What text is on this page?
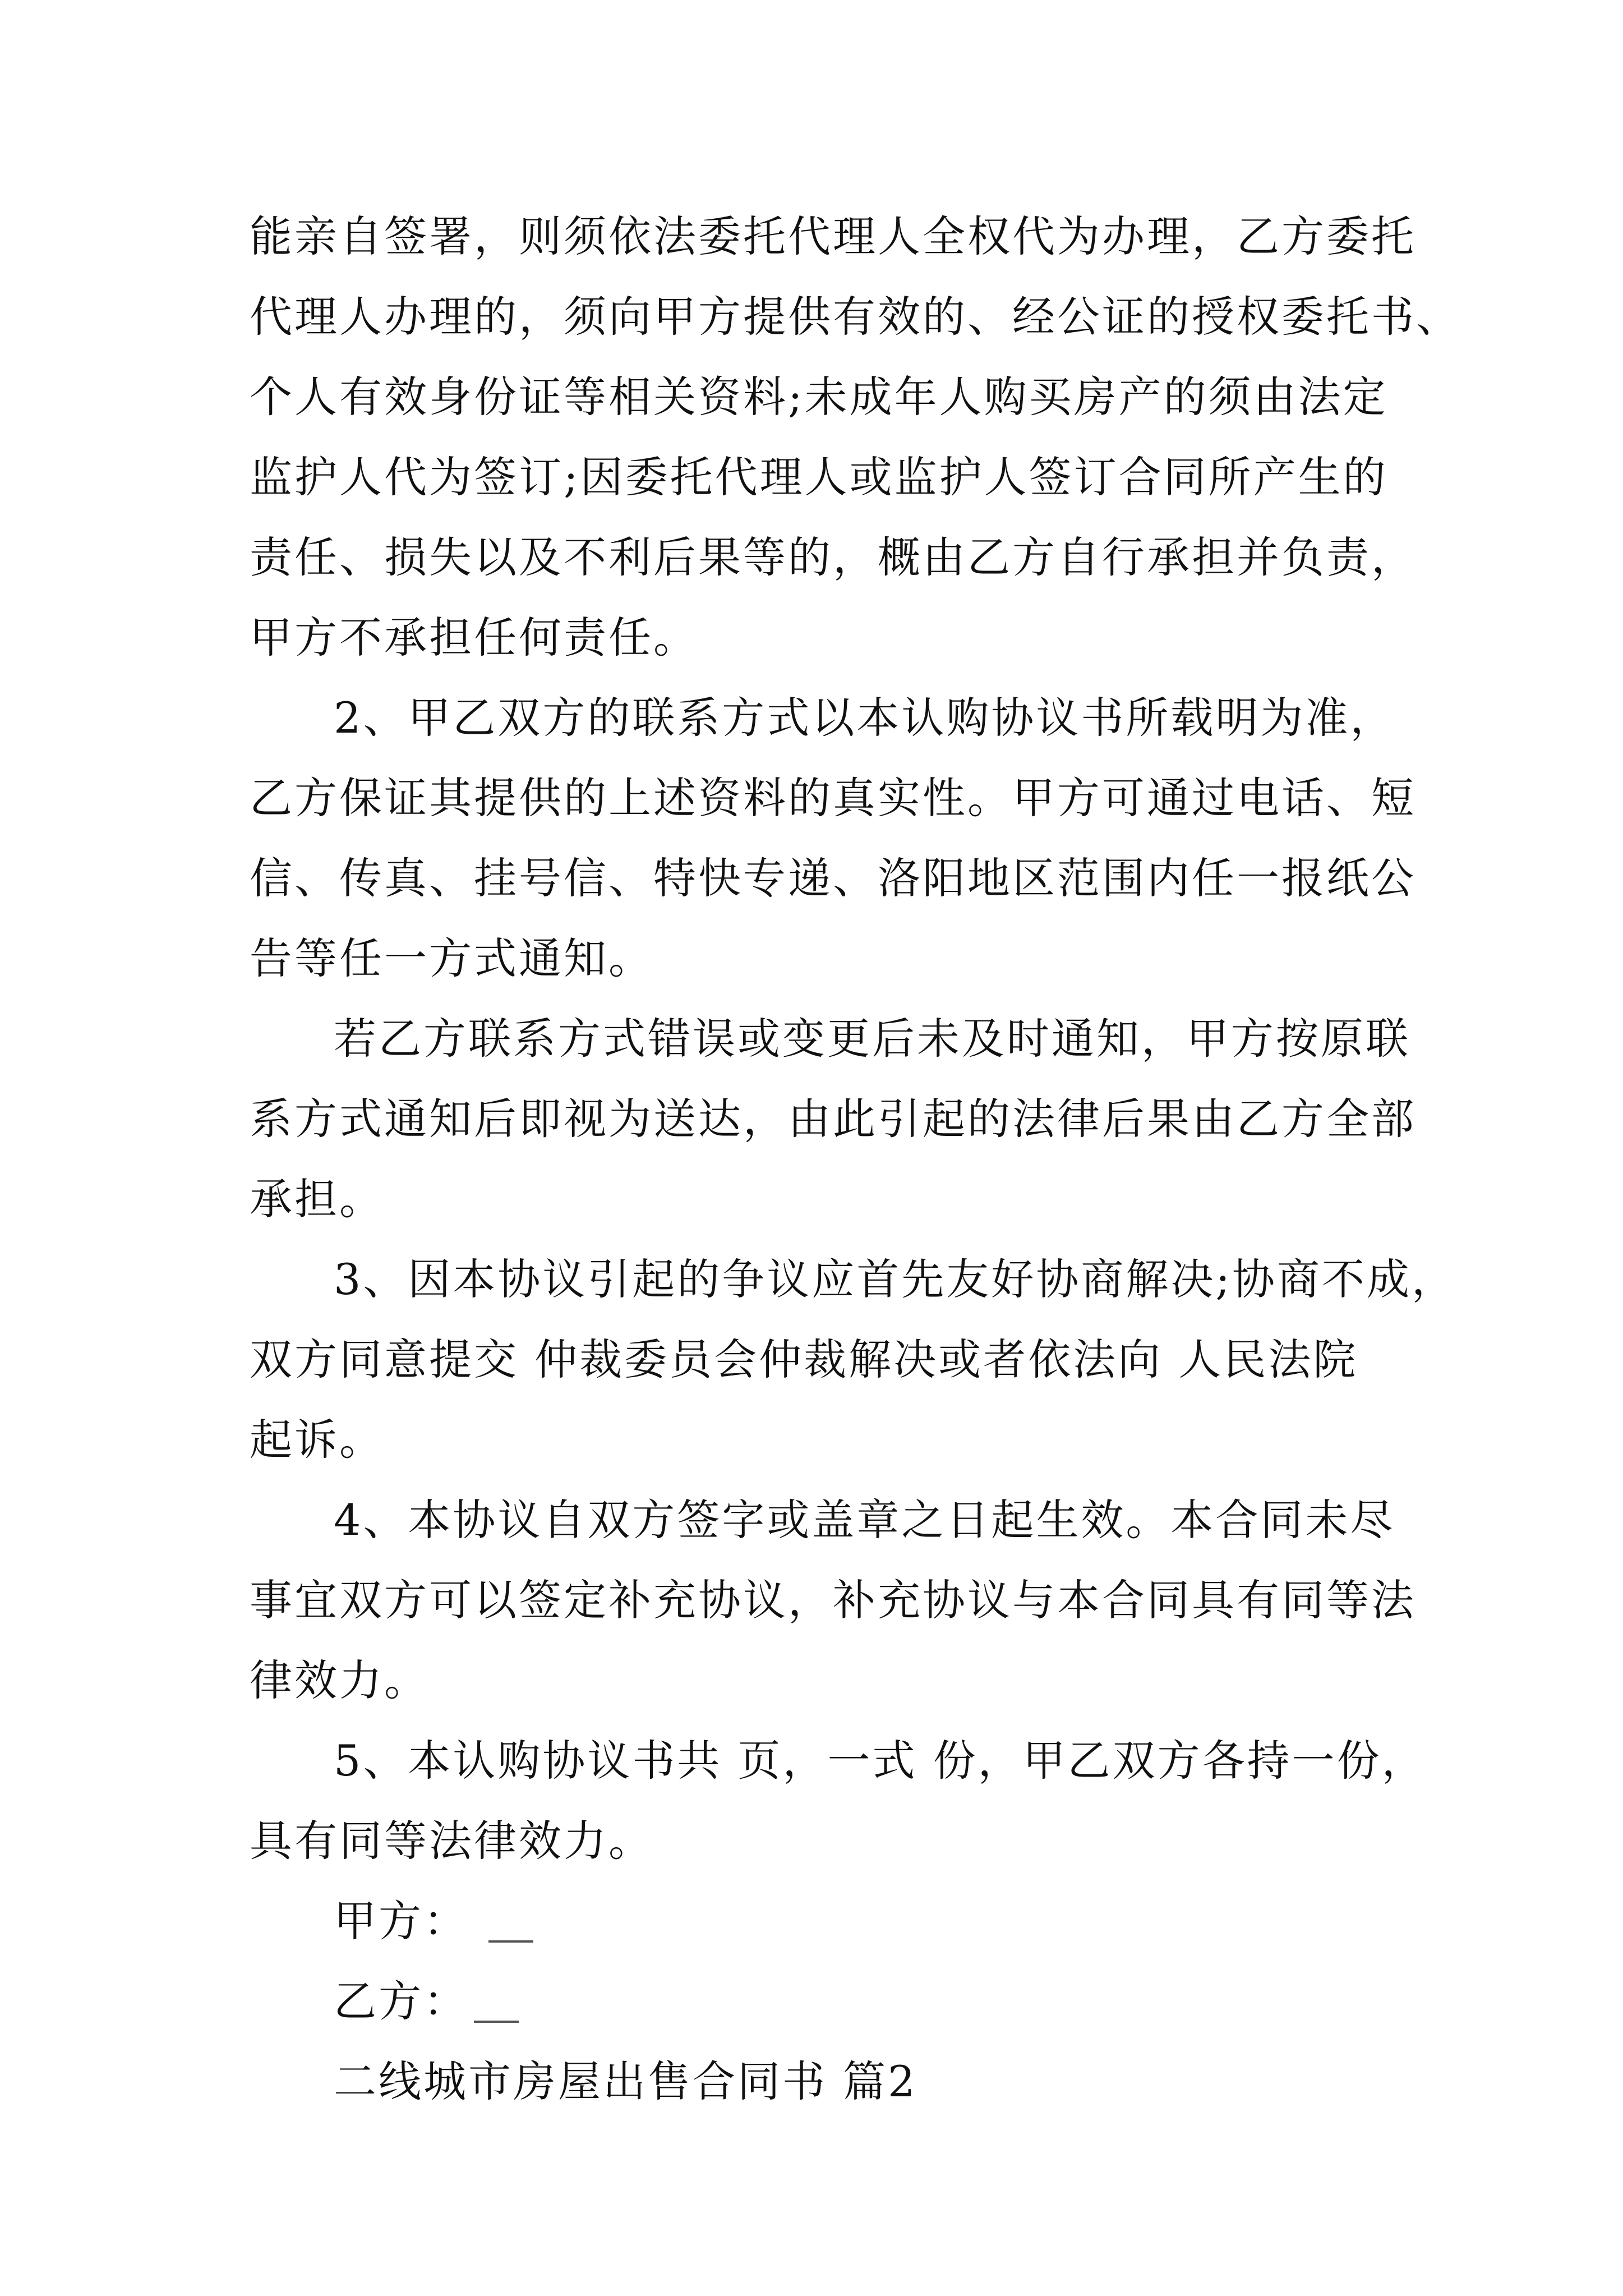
能亲自签署，则须依法委托代理人全权代为办理，乙方委托
代理人办理的，须向甲方提供有效的、经公证的授权委托书、
个人有效身份证等相关资料;未成年人购买房产的须由法定
监护人代为签订;因委托代理人或监护人签订合同所产生的
责任、损失以及不利后果等的，概由乙方自行承担并负责，
甲方不承担任何责任。

2、甲乙双方的联系方式以本认购协议书所载明为准，
乙方保证其提供的上述资料的真实性。甲方可通过电话、短
信、传真、挂号信、特快专递、洛阳地区范围内任一报纸公
告等任一方式通知。

若乙方联系方式错误或变更后未及时通知，甲方按原联
系方式通知后即视为送达，由此引起的法律后果由乙方全部
承担。

3、因本协议引起的争议应首先友好协商解决;协商不成，
双方同意提交 仲裁委员会仲裁解决或者依法向 人民法院
起诉。

4、本协议自双方签字或盖章之日起生效。本合同未尽
事宜双方可以签定补充协议，补充协议与本合同具有同等法
律效力。

5、本认购协议书共 页，一式 份，甲乙双方各持一份，
具有同等法律效力。

甲方：

乙方：

二线城市房屋出售合同书 篇2
